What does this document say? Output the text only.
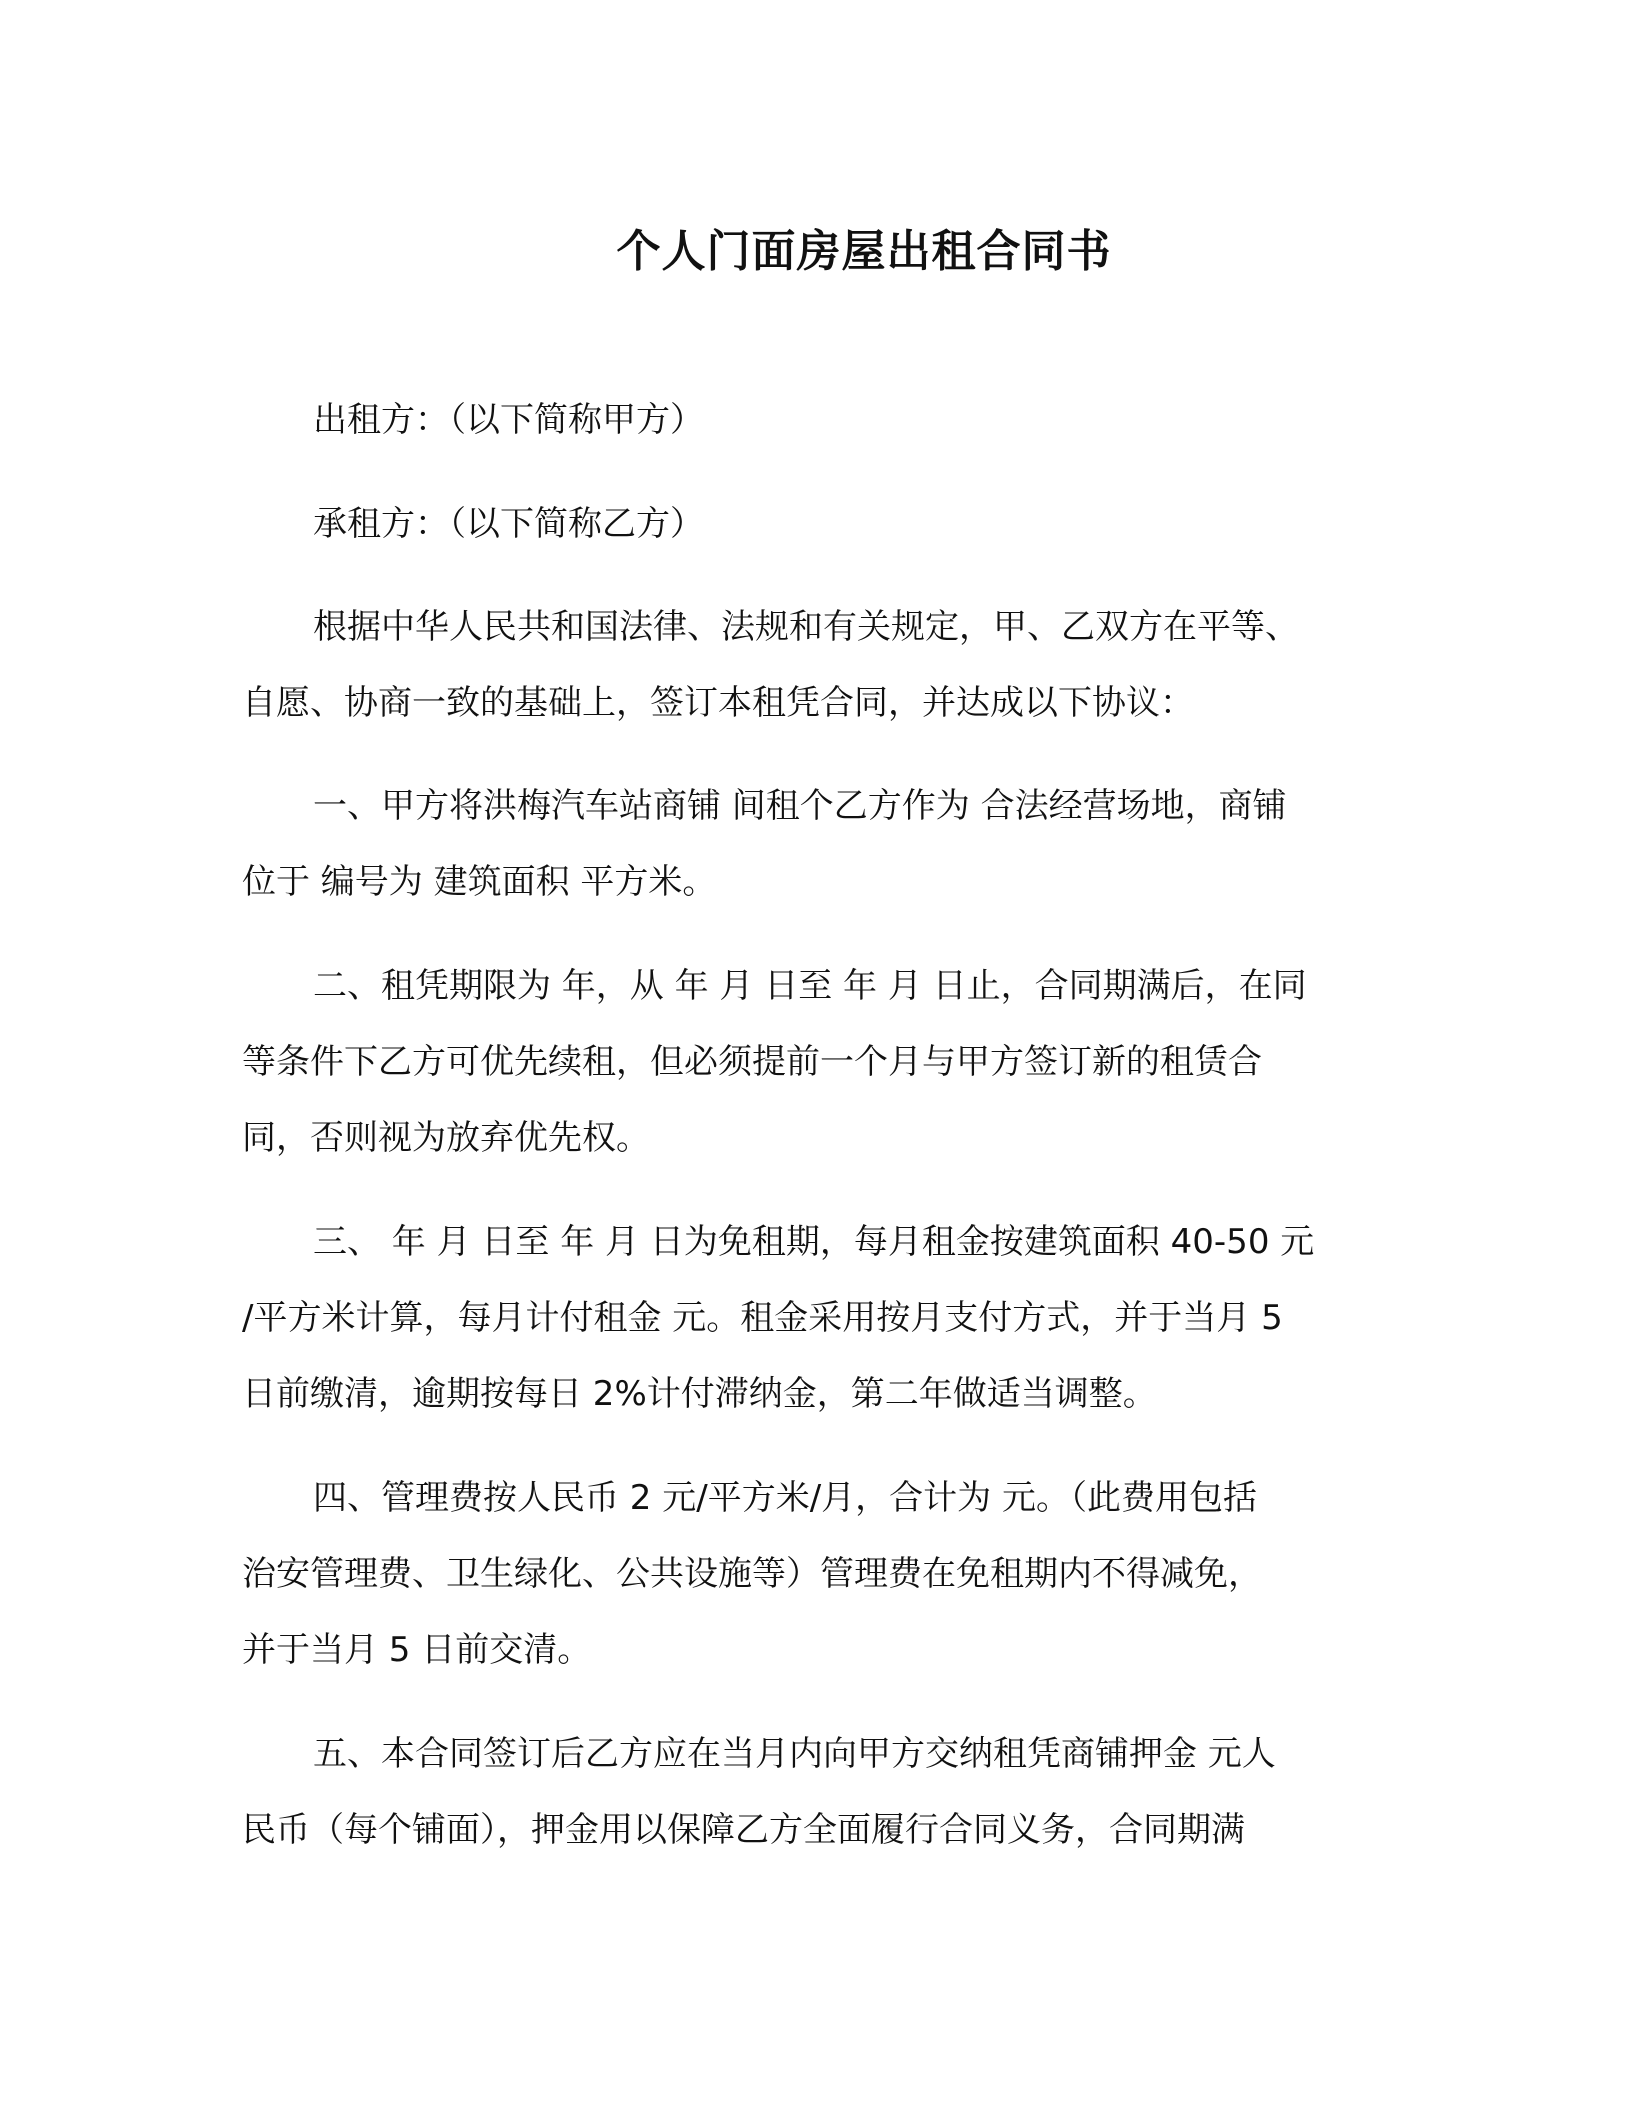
个人门面房屋出租合同书

出租方：（以下简称甲方）

承租方：（以下简称乙方）

根据中华人民共和国法律、法规和有关规定，甲、乙双方在平等、

自愿、协商一致的基础上，签订本租凭合同，并达成以下协议：

一、甲方将洪梅汽车站商铺 间租个乙方作为 合法经营场地，商铺

位于 编号为 建筑面积 平方米。

二、租凭期限为 年，从 年 月 日至 年 月 日止，合同期满后，在同

等条件下乙方可优先续租，但必须提前一个月与甲方签订新的租赁合

同，否则视为放弃优先权。

三、 年 月 日至 年 月 日为免租期，每月租金按建筑面积 40-50 元

/平方米计算，每月计付租金 元。租金采用按月支付方式，并于当月 5

日前缴清，逾期按每日 2%计付滞纳金，第二年做适当调整。

四、管理费按人民币 2 元/平方米/月，合计为 元。（此费用包括

治安管理费、卫生绿化、公共设施等）管理费在免租期内不得减免，

并于当月 5 日前交清。

五、本合同签订后乙方应在当月内向甲方交纳租凭商铺押金 元人

民币（每个铺面），押金用以保障乙方全面履行合同义务，合同期满
